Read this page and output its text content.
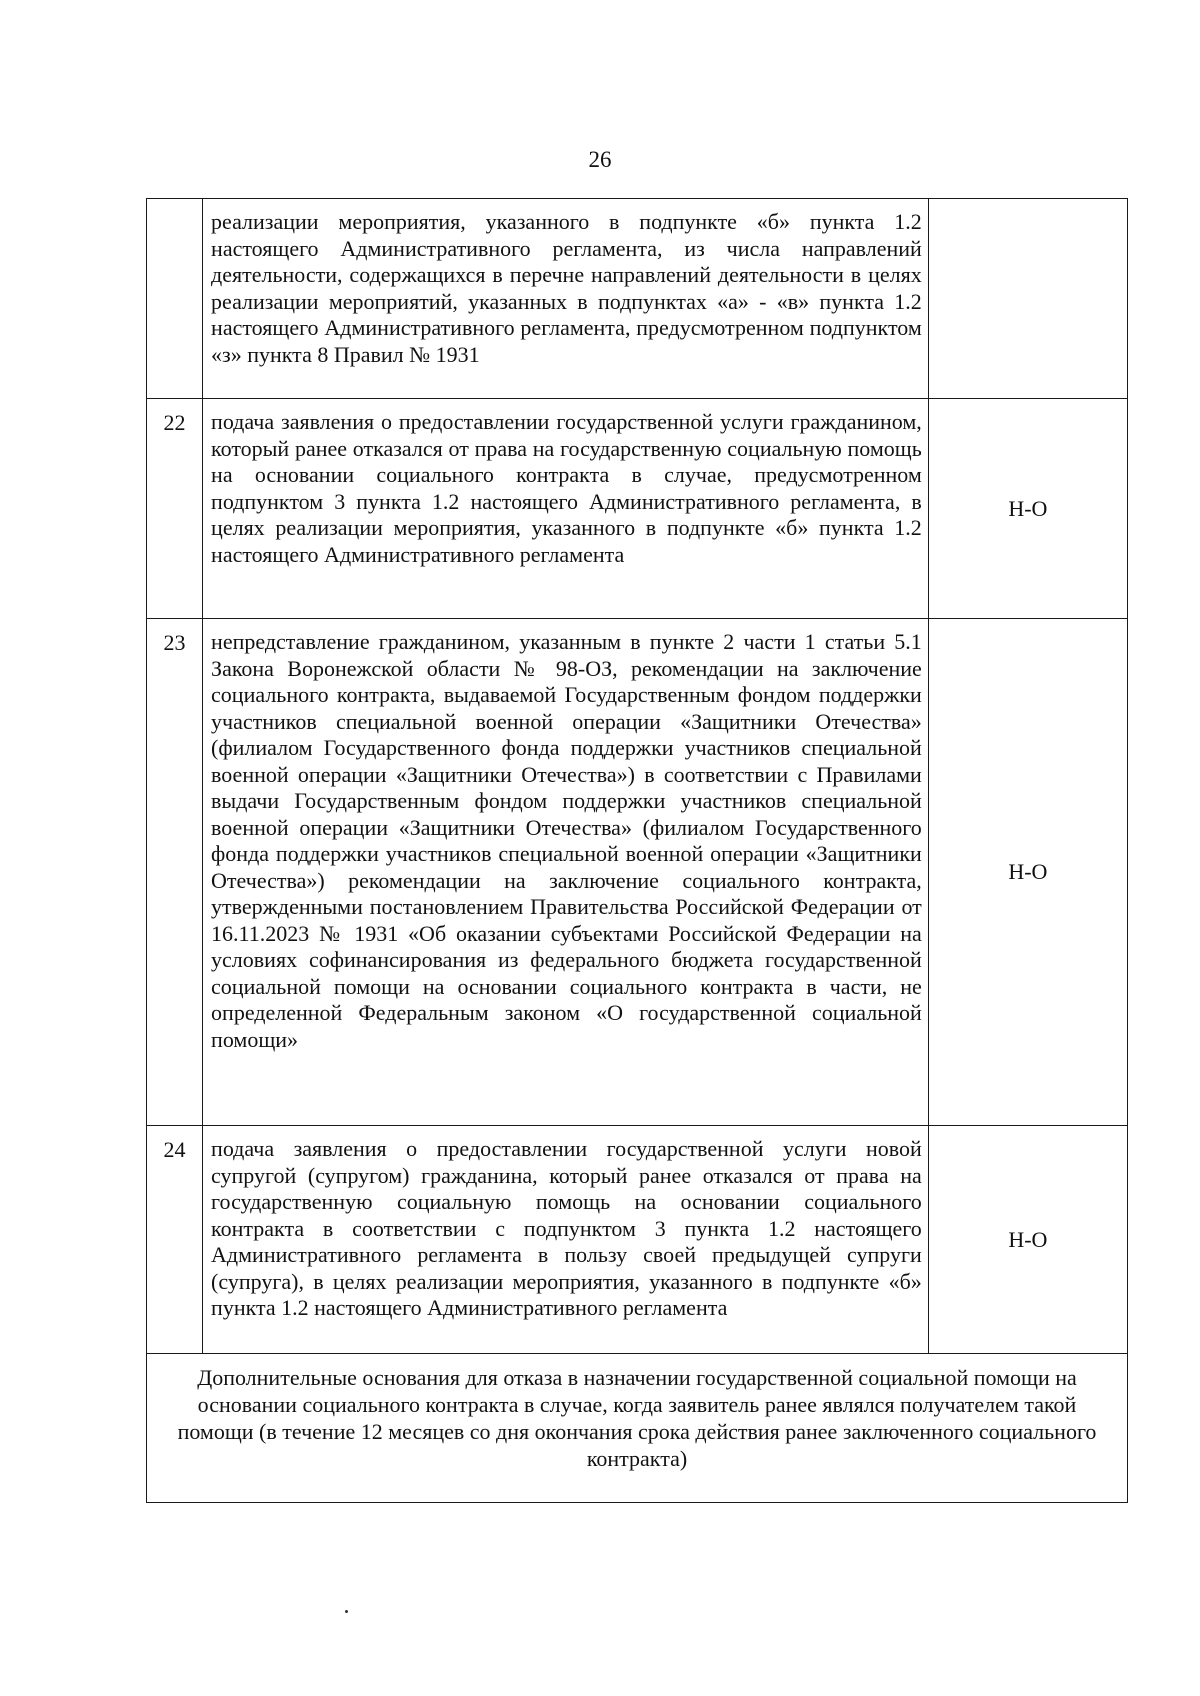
26
	реализации мероприятия, указанного в подпункте «б» пункта 1.2 настоящего Административного регламента, из числа направлений деятельности, содержащихся в перечне направлений деятельности в целях реализации мероприятий, указанных в подпунктах «а» - «в» пункта 1.2 настоящего Административного регламента, предусмотренном подпунктом «з» пункта 8 Правил № 1931	
22	подача заявления о предоставлении государственной услуги гражданином, который ранее отказался от права на государственную социальную помощь на основании социального контракта в случае, предусмотренном подпунктом 3 пункта 1.2 настоящего Административного регламента, в целях реализации мероприятия, указанного в подпункте «б» пункта 1.2 настоящего Административного регламента	Н-О
23	непредставление гражданином, указанным в пункте 2 части 1 статьи 5.1 Закона Воронежской области № 98-ОЗ, рекомендации на заключение социального контракта, выдаваемой Государственным фондом поддержки участников специальной военной операции «Защитники Отечества» (филиалом Государственного фонда поддержки участников специальной военной операции «Защитники Отечества») в соответствии с Правилами выдачи Государственным фондом поддержки участников специальной военной операции «Защитники Отечества» (филиалом Государственного фонда поддержки участников специальной военной операции «Защитники Отечества») рекомендации на заключение социального контракта, утвержденными постановлением Правительства Российской Федерации от 16.11.2023 № 1931 «Об оказании субъектами Российской Федерации на условиях софинансирования из федерального бюджета государственной социальной помощи на основании социального контракта в части, не определенной Федеральным законом «О государственной социальной помощи»	Н-О
24	подача заявления о предоставлении государственной услуги новой супругой (супругом) гражданина, который ранее отказался от права на государственную социальную помощь на основании социального контракта в соответствии с подпунктом 3 пункта 1.2 настоящего Административного регламента в пользу своей предыдущей супруги (супруга), в целях реализации мероприятия, указанного в подпункте «б» пункта 1.2 настоящего Административного регламента	Н-О
Дополнительные основания для отказа в назначении государственной социальной помощи на основании социального контракта в случае, когда заявитель ранее являлся получателем такой помощи (в течение 12 месяцев со дня окончания срока действия ранее заключенного социального контракта)		
